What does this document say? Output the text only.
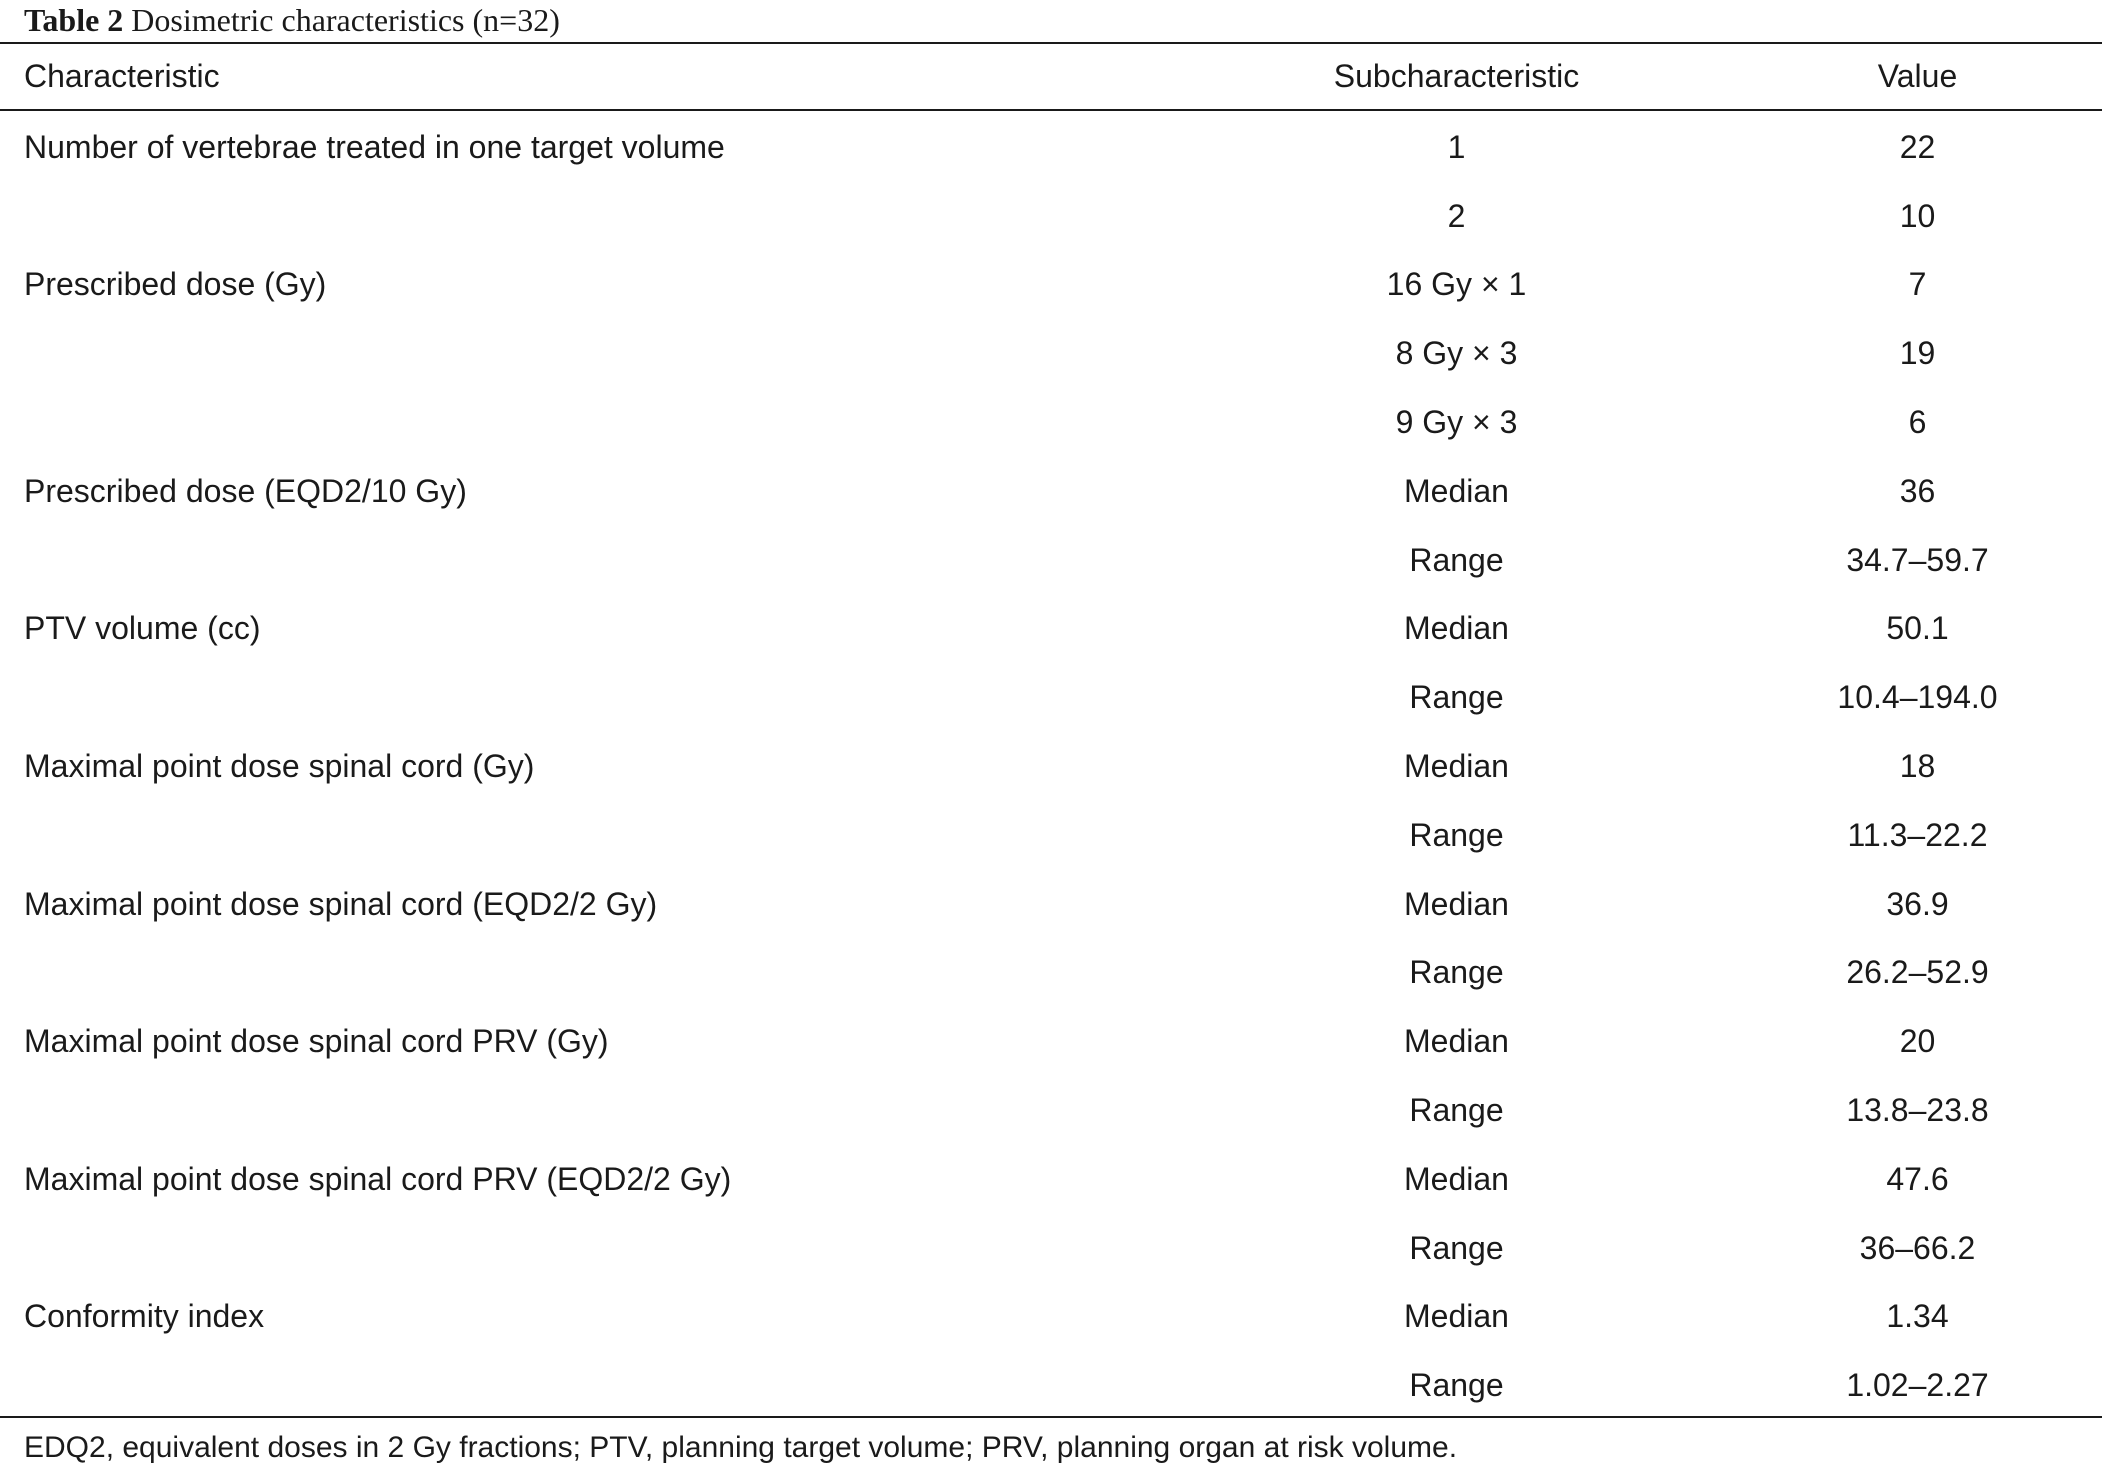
Table 2 Dosimetric characteristics (n=32)
Characteristic	Subcharacteristic	Value
Number of vertebrae treated in one target volume	1	22
	2	10
Prescribed dose (Gy)	16 Gy × 1	7
	8 Gy × 3	19
	9 Gy × 3	6
Prescribed dose (EQD2/10 Gy)	Median	36
	Range	34.7–59.7
PTV volume (cc)	Median	50.1
	Range	10.4–194.0
Maximal point dose spinal cord (Gy)	Median	18
	Range	11.3–22.2
Maximal point dose spinal cord (EQD2/2 Gy)	Median	36.9
	Range	26.2–52.9
Maximal point dose spinal cord PRV (Gy)	Median	20
	Range	13.8–23.8
Maximal point dose spinal cord PRV (EQD2/2 Gy)	Median	47.6
	Range	36–66.2
Conformity index	Median	1.34
	Range	1.02–2.27
EDQ2, equivalent doses in 2 Gy fractions; PTV, planning target volume; PRV, planning organ at risk volume.
